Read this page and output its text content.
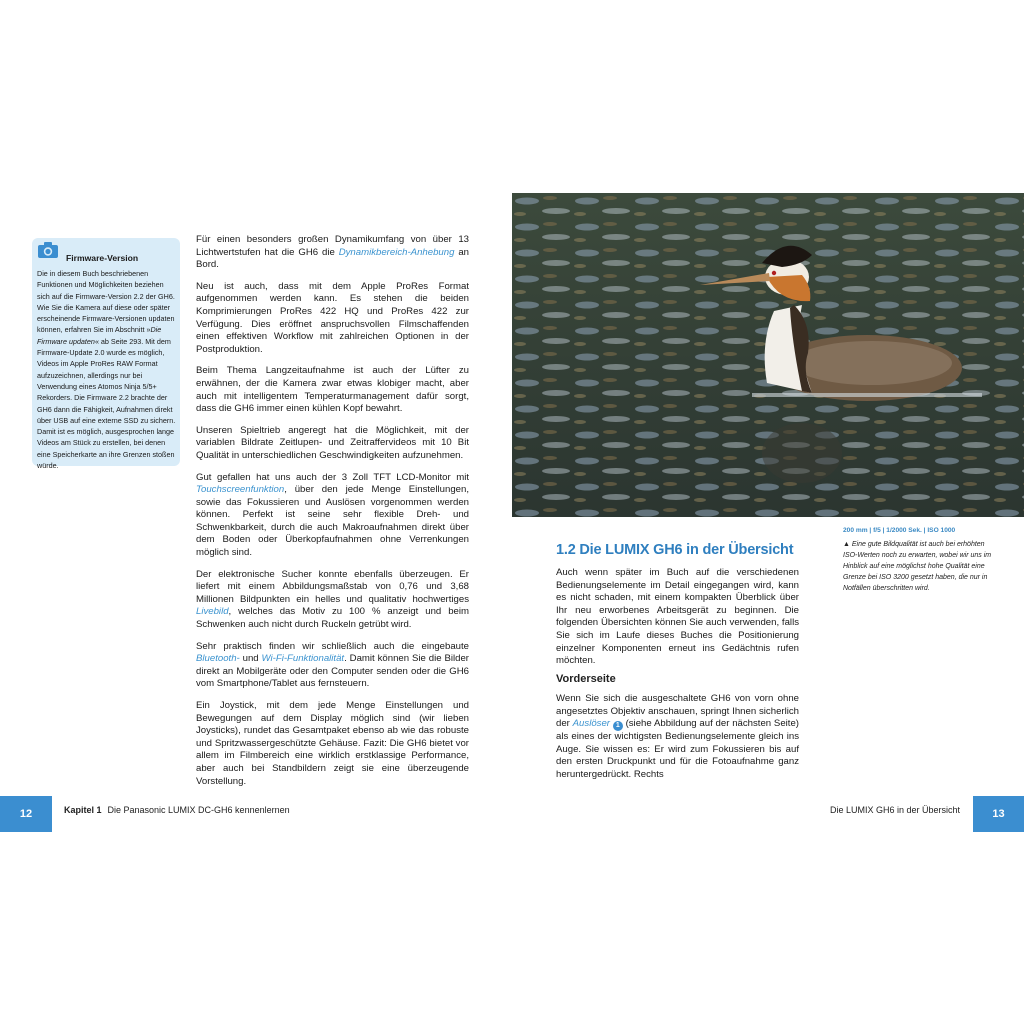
Firmware-Version

Die in diesem Buch beschriebenen Funktionen und Möglichkeiten beziehen sich auf die Firmware-Version 2.2 der GH6. Wie Sie die Kamera auf diese oder später erscheinende Firmware-Versionen updaten können, erfahren Sie im Abschnitt »Die Firmware updaten« ab Seite 293. Mit dem Firmware-Update 2.0 wurde es möglich, Videos im Apple ProRes RAW Format aufzuzeichnen, allerdings nur bei Verwendung eines Atomos Ninja 5/5+ Rekorders. Die Firmware 2.2 brachte der GH6 dann die Fähigkeit, Aufnahmen direkt über USB auf eine externe SSD zu sichern. Damit ist es möglich, ausgesprochen lange Videos am Stück zu erstellen, bei denen eine Speicherkarte an ihre Grenzen stoßen würde.

Für einen besonders großen Dynamikumfang von über 13 Lichtwertstufen hat die GH6 die Dynamikbereich-Anhebung an Bord.

Neu ist auch, dass mit dem Apple ProRes Format aufgenommen werden kann. Es stehen die beiden Komprimierungen ProRes 422 HQ und ProRes 422 zur Verfügung. Dies eröffnet anspruchsvollen Filmschaffenden einen effektiven Workflow mit zahlreichen Optionen in der Postproduktion.

Beim Thema Langzeitaufnahme ist auch der Lüfter zu erwähnen, der die Kamera zwar etwas klobiger macht, aber auch mit intelligentem Temperaturmanagement dafür sorgt, dass die GH6 immer einen kühlen Kopf bewahrt.

Unseren Spieltrieb angeregt hat die Möglichkeit, mit der variablen Bildrate Zeitlupen- und Zeitraffervideos mit 10 Bit Qualität in unterschiedlichen Geschwindigkeiten aufzunehmen.

Gut gefallen hat uns auch der 3 Zoll TFT LCD-Monitor mit Touchscreenfunktion, über den jede Menge Einstellungen, sowie das Fokussieren und Auslösen vorgenommen werden können. Perfekt ist seine sehr flexible Dreh- und Schwenkbarkeit, durch die auch Makroaufnahmen direkt über dem Boden oder Überkopfaufnahmen ohne Verrenkungen möglich sind.

Der elektronische Sucher konnte ebenfalls überzeugen. Er liefert mit einem Abbildungsmaßstab von 0,76 und 3,68 Millionen Bildpunkten ein helles und qualitativ hochwertiges Livebild, welches das Motiv zu 100 % anzeigt und beim Schwenken auch nicht durch Ruckeln getrübt wird.

Sehr praktisch finden wir schließlich auch die eingebaute Bluetooth- und Wi-Fi-Funktionalität. Damit können Sie die Bilder direkt an Mobilgeräte oder den Computer senden oder die GH6 vom Smartphone/Tablet aus fernsteuern.

Ein Joystick, mit dem jede Menge Einstellungen und Bewegungen auf dem Display möglich sind (wir lieben Joysticks), rundet das Gesamtpaket ebenso ab wie das robuste und Spritzwassergeschützte Gehäuse. Fazit: Die GH6 bietet vor allem im Filmbereich eine wirklich erstklassige Performance, aber auch bei Standbildern zeigt sie eine überzeugende Vorstellung.

200 mm | f/5 | 1/2000 Sek. | ISO 1000
▲ Eine gute Bildqualität ist auch bei erhöhten ISO-Werten noch zu erwarten, wobei wir uns im Hinblick auf eine möglichst hohe Qualität eine Grenze bei ISO 3200 gesetzt haben, die nur in Notfällen überschritten wird.
1.2 Die LUMIX GH6 in der Übersicht

Auch wenn später im Buch auf die verschiedenen Bedienungselemente im Detail eingegangen wird, kann es nicht schaden, mit einem kompakten Überblick über Ihr neu erworbenes Arbeitsgerät zu beginnen. Die folgenden Übersichten können Sie auch verwenden, falls Sie sich im Laufe dieses Buches die Positionierung einzelner Komponenten erneut ins Gedächtnis rufen möchten.

Vorderseite

Wenn Sie sich die ausgeschaltete GH6 von vorn ohne angesetztes Objektiv anschauen, springt Ihnen sicherlich der Auslöser 1 (siehe Abbildung auf der nächsten Seite) als eines der wichtigsten Bedienungselemente gleich ins Auge. Sie wissen es: Er wird zum Fokussieren bis auf den ersten Druckpunkt und für die Fotoaufnahme ganz heruntergedrückt. Rechts

12	Kapitel 1 Die Panasonic LUMIX DC-GH6 kennenlernen	Die LUMIX GH6 in der Übersicht	13
